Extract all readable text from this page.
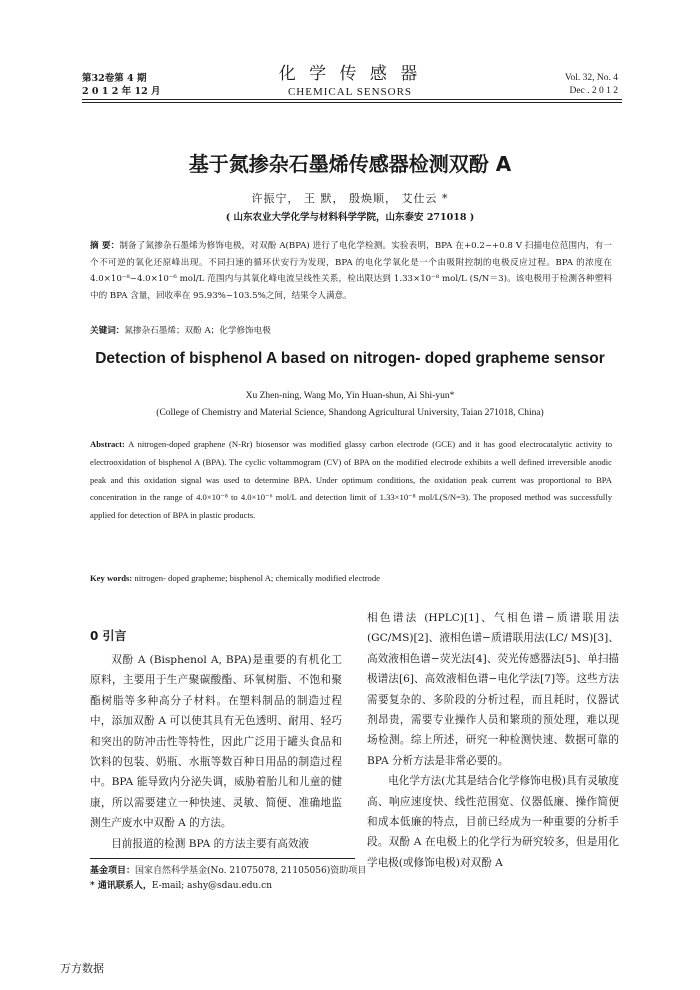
第32卷第 4 期
2 0 1 2 年 12 月
化 学 传 感 器
CHEMICAL SENSORS
Vol. 32, No. 4
Dec . 2 0 1 2
基于氮掺杂石墨烯传感器检测双酚 A
许振宁， 王 默， 殷焕顺， 艾仕云 *
( 山东农业大学化学与材料科学学院，山东泰安 271018 )
摘 要：制备了氮掺杂石墨烯为修饰电极，对双酚 A(BPA) 进行了电化学检测。实验表明，BPA 在+0.2~+0.8 V 扫描电位范围内，有一个不可逆的氧化还原峰出现。不同扫速的循环伏安行为发现，BPA 的电化学氧化是一个由吸附控制的电极反应过程。BPA 的浓度在 4.0×10⁻⁸~4.0×10⁻⁶ mol/L 范围内与其氧化峰电流呈线性关系，检出限达到 1.33×10⁻⁸ mol/L (S/N＝3)。该电极用于检测各种塑料中的 BPA 含量，回收率在 95.93%~103.5%之间，结果令人满意。
关键词：氮掺杂石墨烯；双酚 A；化学修饰电极
Detection of bisphenol A based on nitrogen- doped grapheme sensor
Xu Zhen-ning, Wang Mo, Yin Huan-shun, Ai Shi-yun*
(College of Chemistry and Material Science, Shandong Agricultural University, Taian 271018, China)
Abstract: A nitrogen-doped graphene (N-Rr) biosensor was modified glassy carbon electrode (GCE) and it has good electrocatalytic activity to electrooxidation of bisphenol A (BPA). The cyclic voltammogram (CV) of BPA on the modified electrode exhibits a well defined irreversible anodic peak and this oxidation signal was used to determine BPA. Under optimum conditions, the oxidation peak current was proportional to BPA concentration in the range of 4.0×10⁻⁸ to 4.0×10⁻⁶ mol/L and detection limit of 1.33×10⁻⁸ mol/L(S/N=3). The proposed method was successfully applied for detection of BPA in plastic products.
Key words: nitrogen- doped grapheme; bisphenol A; chemically modified electrode
0 引言

双酚 A (Bisphenol A, BPA)是重要的有机化工原料，主要用于生产聚碳酸酯、环氧树脂、不饱和聚酯树脂等多种高分子材料。在塑料制品的制造过程中，添加双酚 A 可以使其具有无色透明、耐用、轻巧和突出的防冲击性等特性，因此广泛用于罐头食品和饮料的包装、奶瓶、水瓶等数百种日用品的制造过程中。BPA 能导致内分泌失调，威胁着胎儿和儿童的健康，所以需要建立一种快速、灵敏、简便、准确地监测生产废水中双酚 A 的方法。

目前报道的检测 BPA 的方法主要有高效液

相色谱法 (HPLC)[1]、气相色谱−质谱联用法(GC/MS)[2]、液相色谱−质谱联用法(LC/ MS)[3]、高效液相色谱−荧光法[4]、荧光传感器法[5]、单扫描极谱法[6]、高效液相色谱−电化学法[7]等。这些方法需要复杂的、多阶段的分析过程，而且耗时，仪器试剂昂贵，需要专业操作人员和繁琐的预处理，难以现场检测。综上所述，研究一种检测快速、数据可靠的 BPA 分析方法是非常必要的。

电化学方法(尤其是结合化学修饰电极)具有灵敏度高、响应速度快、线性范围宽、仪器低廉、操作简便和成本低廉的特点，目前已经成为一种重要的分析手段。双酚 A 在电极上的化学行为研究较多，但是用化学电极(或修饰电极)对双酚 A

基金项目：国家自然科学基金(No. 21075078, 21105056)资助项目
* 通讯联系人，E-mail; ashy@sdau.edu.cn
万方数据
